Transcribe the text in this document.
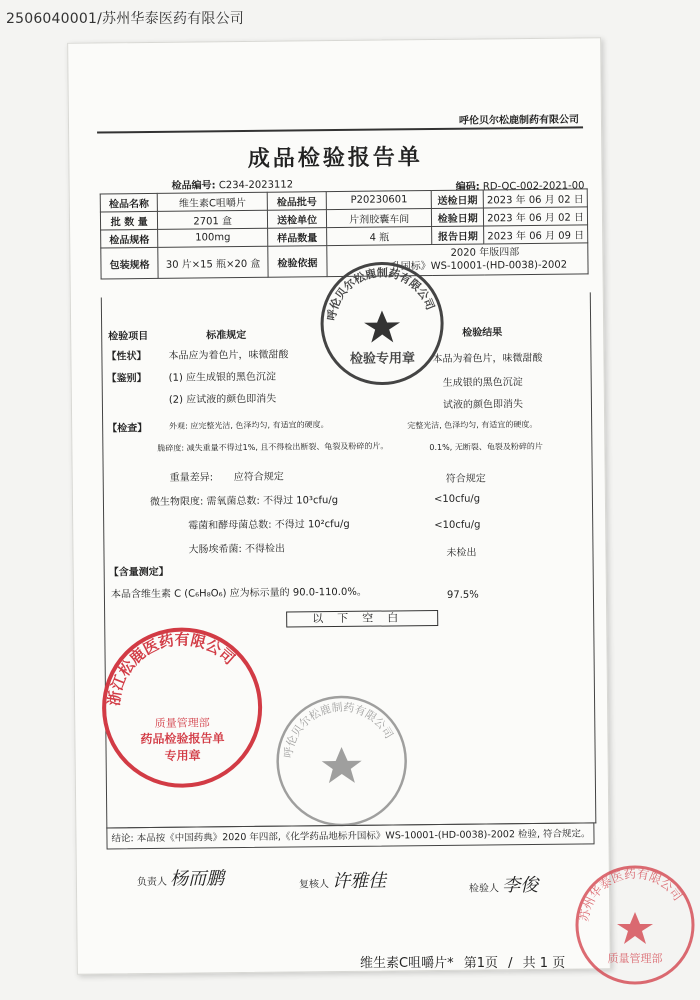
2506040001/苏州华泰医药有限公司
呼伦贝尔松鹿制药有限公司
成品检验报告单
检品编号: C234-2023112	编码: RD-QC-002-2021-00
检品名称	维生素C咀嚼片	检品批号	P20230601	送检日期	2023 年 06 月 02 日
批 数 量	2701 盒	送检单位	片剂胶囊车间	检验日期	2023 年 06 月 02 日
检品规格	100mg	样品数量	4 瓶	报告日期	2023 年 06 月 09 日
包装规格	30 片×15 瓶×20 盒	检验依据	2020 年版四部
升国标》WS-10001-(HD-0038)-2002		
检验项目	标准规定	检验结果
【性状】 本品应为着色片，味微甜酸	本品为着色片，味微甜酸
【鉴别】 (1) 应生成银的黑色沉淀	生成银的黑色沉淀
(2) 应试液的颜色即消失	试液的颜色即消失
【检查】	外观: 应完整光洁, 色泽均匀, 有适宜的硬度。	完整光洁, 色泽均匀, 有适宜的硬度。
脆碎度: 减失重量不得过1%, 且不得检出断裂、龟裂及粉碎的片。	0.1%, 无断裂、龟裂及粉碎的片
重量差异: 应符合规定	符合规定
微生物限度: 需氧菌总数: 不得过 10³cfu/g	<10cfu/g
霉菌和酵母菌总数: 不得过 10²cfu/g	<10cfu/g
大肠埃希菌: 不得检出	未检出
【含量测定】
本品含维生素 C (C₆H₈O₆) 应为标示量的 90.0-110.0%。	97.5%
以下空白
结论: 本品按《中国药典》2020 年四部,《化学药品地标升国标》WS-10001-(HD-0038)-2002 检验, 符合规定。
负责人 杨而鹏	复核人 许雅佳	检验人 李俊
呼伦贝尔松鹿制药有限公司
检验专用章
呼伦贝尔松鹿制药有限公司
浙江松鹿医药有限公司
质量管理部
药品检验报告单
专用章
苏州华泰医药有限公司
质量管理部
维生素C咀嚼片* 第1页 / 共 1 页
